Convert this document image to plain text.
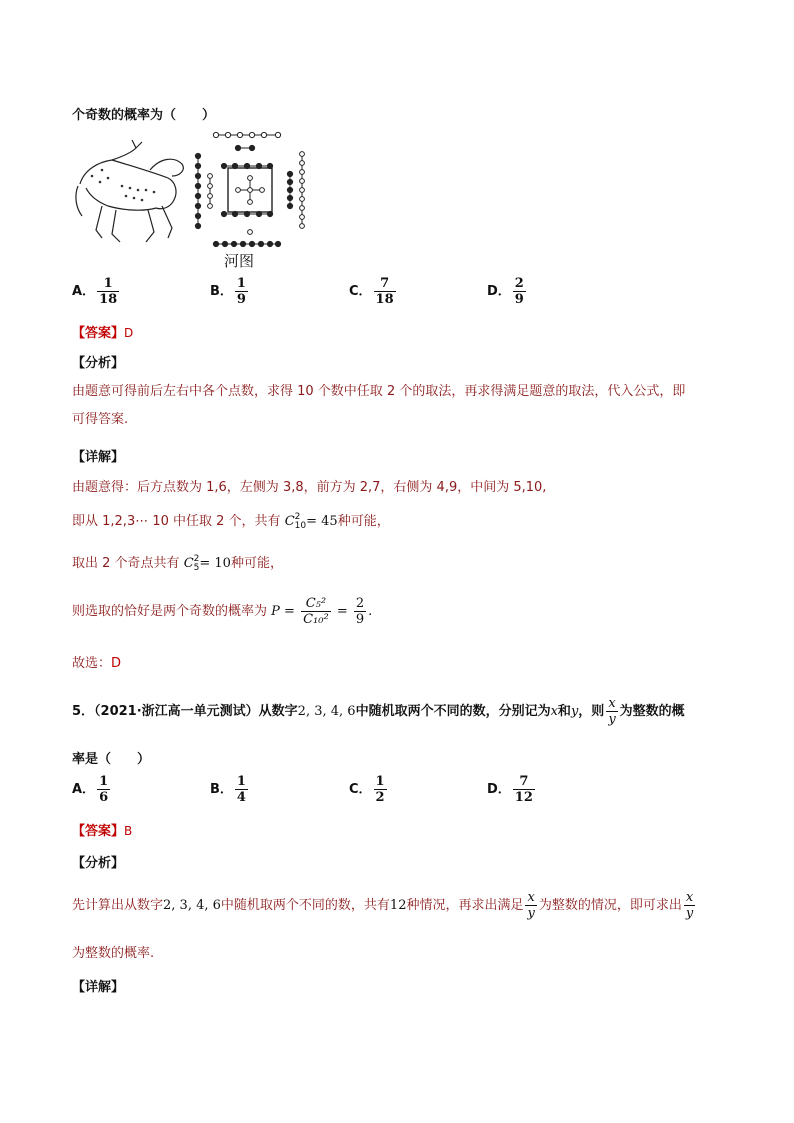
个奇数的概率为（　　）
河图
A． $\frac{1}{18}$	B． $\frac{1}{9}$	C． $\frac{7}{18}$	D． $\frac{2}{9}$
【答案】D
【分析】
由题意可得前后左右中各个点数，求得 10 个数中任取 2 个的取法，再求得满足题意的取法，代入公式，即
可得答案.
【详解】
由题意得：后方点数为 1,6，左侧为 3,8，前方为 2,7，右侧为 4,9，中间为 5,10,
即从 1,2,3⋯ 10 中任取 2 个，共有 C 2
10 = 45种可能，
取出 2 个奇点共有 C 2
5 = 10种可能，
则选取的恰好是两个奇数的概率为 $P = \frac{\text{C₅²}}{\text{C₁₀²}} = \frac{2}{9}$ .
故选：D
5．（2021·浙江高一单元测试）从数字2, 3, 4, 6中随机取两个不同的数，分别记为x和y，则 $\frac{x}{y}$ 为整数的概
率是（　　）
A． $\frac{1}{6}$	B． $\frac{1}{4}$	C． $\frac{1}{2}$	D． $\frac{7}{12}$
【答案】B
【分析】
先计算出从数字2, 3, 4, 6中随机取两个不同的数，共有12种情况，再求出满足 $\frac{x}{y}$ 为整数的情况，即可求出 $\frac{x}{y}$
为整数的概率.
【详解】
